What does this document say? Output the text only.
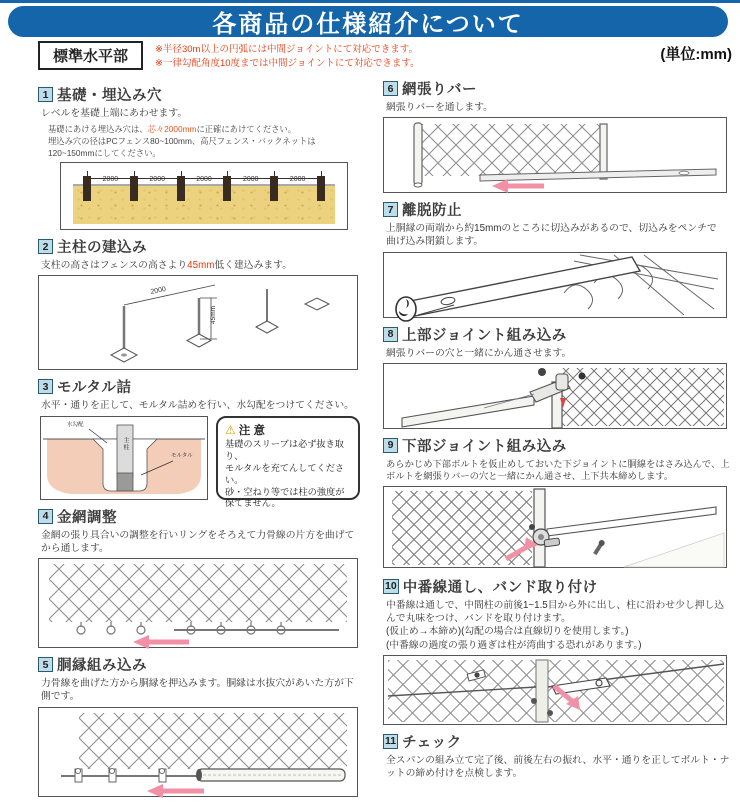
各商品の仕様紹介について
標準水平部	※半径30m以上の円弧には中間ジョイントにて対応できます。
※一律勾配角度10度までは中間ジョイントにて対応できます。
(単位:mm)
1 基礎・埋込み穴
レベルを基礎上端にあわせます。
基礎にあける埋込み穴は、芯々2000mmに正確にあけてください。
埋込み穴の径はPCフェンス80~100mm、高尺フェンス・バックネットは120~150mmにしてください。
2000	2000	2000	2000	2000
2 主柱の建込み
支柱の高さはフェンスの高さより45mm低く建込みます。
2000
45mm
3 モルタル詰
水平・通りを正して、モルタル詰めを行い、水勾配をつけてください。
水勾配
主柱
モルタル
⚠ 注 意
基礎のスリーブは必ず抜き取り、
モルタルを充てんしてください。
砂・空ねり等では柱の強度が
保てません。
4 金網調整
金網の張り具合いの調整を行いリングをそろえて力骨線の片方を曲げてから通します。
5 胴縁組み込み
力骨線を曲げた方から胴縁を押込みます。胴縁は水抜穴があいた方が下側です。
6 網張りバー
網張りバーを通します。
7 離脱防止
上胴縁の両端から約15mmのところに切込みがあるので、切込みをペンチで曲げ込み閉鎖します。
8 上部ジョイント組み込み
網張りバーの穴と一緒にかん通させます。
9 下部ジョイント組み込み
あらかじめ下部ボルトを仮止めしておいた下ジョイントに胴線をはさみ込んで、上ボルトを網張りバーの穴と一緒にかん通させ、上下共本締めします。
10 中番線通し、バンド取り付け
中番線は通しで、中間柱の前後1~1.5目から外に出し、柱に沿わせ少し押し込んで丸味をつけ、バンドを取り付けます。
(仮止め→本締め)(勾配の場合は直線切りを使用します。)
(中番線の過度の張り過ぎは柱が湾曲する恐れがあります。)
11 チェック
全スパンの組み立て完了後、前後左右の振れ、水平・通りを正してボルト・ナットの締め付けを点検します。
